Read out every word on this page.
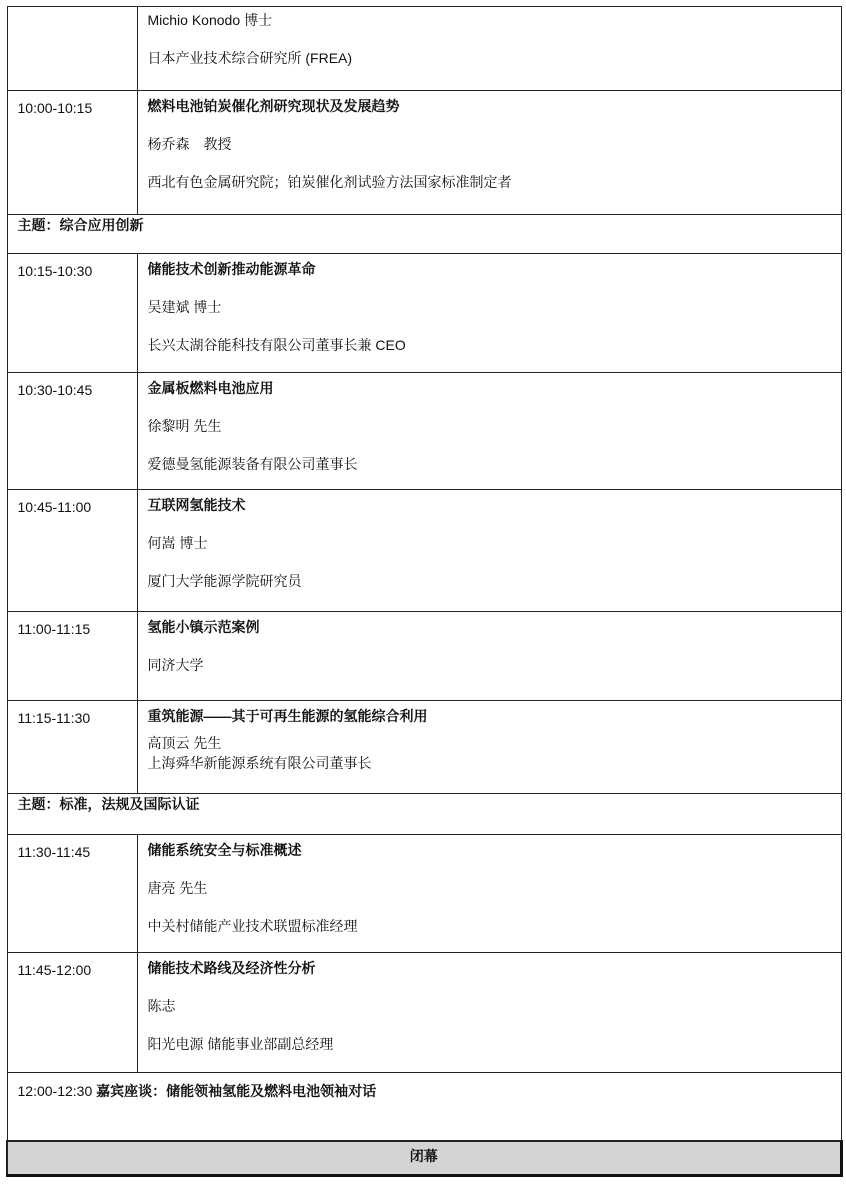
	Michio Konodo 博士
日本产业技术综合研究所 (FREA)

10:00-10:15	燃料电池铂炭催化剂研究现状及发展趋势
杨乔森　教授
西北有色金属研究院；铂炭催化剂试验方法国家标准制定者

主题：综合应用创新	
10:15-10:30	储能技术创新推动能源革命
吴建斌 博士
长兴太湖谷能科技有限公司董事长兼 CEO

10:30-10:45	金属板燃料电池应用
徐黎明 先生
爱德曼氢能源装备有限公司董事长

10:45-11:00	互联网氢能技术
何嵩 博士
厦门大学能源学院研究员

11:00-11:15	氢能小镇示范案例
同济大学

11:15-11:30	重筑能源——其于可再生能源的氢能综合利用
高顶云 先生
上海舜华新能源系统有限公司董事长

主题：标准，法规及国际认证	
11:30-11:45	储能系统安全与标准概述
唐亮 先生
中关村储能产业技术联盟标准经理

11:45-12:00	储能技术路线及经济性分析
陈志
阳光电源 储能事业部副总经理

12:00-12:30 嘉宾座谈：储能领袖氢能及燃料电池领袖对话	
闭幕	
